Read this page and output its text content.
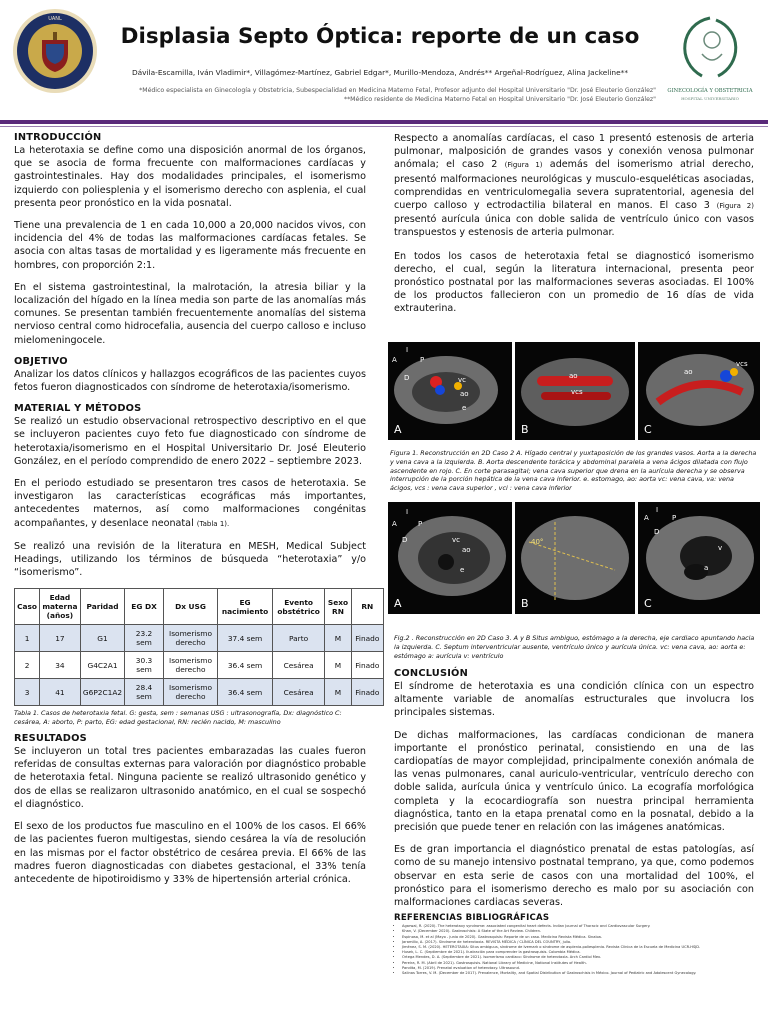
UANL
Displasia Septo Óptica: reporte de un caso
Dávila-Escamilla, Iván Vladimir*, Villagómez-Martínez, Gabriel Edgar*, Murillo-Mendoza, Andrés** Argeñal-Rodríguez, Alina Jackeline**
*Médico especialista en Ginecología y Obstetricia, Subespecialidad en Medicina Materno Fetal, Profesor adjunto del Hospital Universitario "Dr. José Eleuterio González"
**Médico residente de Medicina Materno Fetal en Hospital Universitario "Dr. José Eleuterio González"
GINECOLOGÍA Y OBSTETRICIA
HOSPITAL UNIVERSITARIO
INTRODUCCIÓN

La heterotaxia se define como una disposición anormal de los órganos, que se asocia de forma frecuente con malformaciones cardíacas y gastrointestinales. Hay dos modalidades principales, el isomerismo izquierdo con poliesplenia y el isomerismo derecho con asplenia, el cual presenta peor pronóstico en la vida posnatal.

Tiene una prevalencia de 1 en cada 10,000 a 20,000 nacidos vivos, con incidencia del 4% de todas las malformaciones cardíacas fetales. Se asocia con altas tasas de mortalidad y es ligeramente más frecuente en hombres, con proporción 2:1.

En el sistema gastrointestinal, la malrotación, la atresia biliar y la localización del hígado en la línea media son parte de las anomalías más comunes. Se presentan también frecuentemente anomalías del sistema nervioso central como hidrocefalia, ausencia del cuerpo calloso e incluso mielomeningocele.

OBJETIVO

Analizar los datos clínicos y hallazgos ecográficos de las pacientes cuyos fetos fueron diagnosticados con síndrome de heterotaxia/isomerismo.

MATERIAL Y MÉTODOS

Se realizó un estudio observacional retrospectivo descriptivo en el que se incluyeron pacientes cuyo feto fue diagnosticado con síndrome de heterotaxia/isomerismo en el Hospital Universitario Dr. José Eleuterio González, en el período comprendido de enero 2022 – septiembre 2023.

En el periodo estudiado se presentaron tres casos de heterotaxia. Se investigaron las características ecográficas más importantes, antecedentes maternos, así como malformaciones congénitas acompañantes, y desenlace neonatal (Tabla 1).

Se realizó una revisión de la literatura en MESH, Medical Subject Headings, utilizando los términos de búsqueda “heterotaxia” y/o “isomerismo”.

Caso	Edad materna (años)	Paridad	EG DX	Dx USG	EG nacimiento	Evento obstétrico	Sexo RN	RN
1	17	G1	23.2 sem	Isomerismo derecho	37.4 sem	Parto	M	Finado
2	34	G4C2A1	30.3 sem	Isomerismo derecho	36.4 sem	Cesárea	M	Finado
3	41	G6P2C1A2	28.4 sem	Isomerismo derecho	36.4 sem	Cesárea	M	Finado

Tabla 1. Casos de heterotaxia fetal. G: gesta, sem : semanas USG : ultrasonografía, Dx: diagnóstico C: cesárea, A: aborto, P: parto, EG: edad gestacional, RN: recién nacido, M: masculino

RESULTADOS

Se incluyeron un total tres pacientes embarazadas las cuales fueron referidas de consultas externas para valoración por diagnóstico probable de heterotaxia fetal. Ninguna paciente se realizó ultrasonido genético y dos de ellas se realizaron ultrasonido anatómico, en el cual se sospechó el diagnóstico.

El sexo de los productos fue masculino en el 100% de los casos. El 66% de las pacientes fueron multigestas, siendo cesárea la vía de resolución en las mismas por el factor obstétrico de cesárea previa. El 66% de las madres fueron diagnosticadas con diabetes gestacional, el 33% tenía antecedente de hipotiroidismo y 33% de hipertensión arterial crónica.

Respecto a anomalías cardíacas, el caso 1 presentó estenosis de arteria pulmonar, malposición de grandes vasos y conexión venosa pulmonar anómala; el caso 2 (Figura 1) además del isomerismo atrial derecho, presentó malformaciones neurológicas y musculo-esqueléticas asociadas, comprendidas en ventriculomegalia severa supratentorial, agenesia del cuerpo calloso y ectrodactilia bilateral en manos. El caso 3 (Figura 2) presentó aurícula única con doble salida de ventrículo único con vasos transpuestos y estenosis de arteria pulmonar.

En todos los casos de heterotaxia fetal se diagnosticó isomerismo derecho, el cual, según la literatura internacional, presenta peor pronóstico postnatal por las malformaciones severas asociadas. El 100% de los productos fallecieron con un promedio de 16 días de vida extrauterina.

I
A	P
D	vc
ao
e
A
ao
vcs
B
ao
vcs
C

Figura 1. Reconstrucción en 2D Caso 2 A. Hígado central y yuxtaposición de los grandes vasos. Aorta a la derecha y vena cava a la izquierda. B. Aorta descendente torácica y abdominal paralela a vena ácigos dilatada con flujo ascendente en rojo. C. En corte parasagital; vena cava superior que drena en la aurícula derecha y se observa interrupción de la porción hepática de la vena cava inferior. e. estomago, ao: aorta vc: vena cava, va: vena ácigos, vcs : vena cava superior , vci : vena cava inferior

I
P
A
D	vc
ao
e
A
40°
B
I
A	P
D
v
a
C

Fig.2 . Reconstrucción en 2D Caso 3. A y B Situs ambiguo, estómago a la derecha, eje cardiaco apuntando hacia la izquierda. C. Septum interventricular ausente, ventrículo único y aurícula única. vc: vena cava, ao: aorta e: estómago a: aurícula v: ventrículo

CONCLUSIÓN

El síndrome de heterotaxia es una condición clínica con un espectro altamente variable de anomalías estructurales que involucra los principales sistemas.

De dichas malformaciones, las cardíacas condicionan de manera importante el pronóstico perinatal, consistiendo en una de las cardiopatías de mayor complejidad, principalmente conexión anómala de las venas pulmonares, canal auriculo-ventricular, ventrículo derecho con doble salida, aurícula única y ventrículo único. La ecografía morfológica completa y la ecocardiografía son nuestra principal herramienta diagnóstica, tanto en la etapa prenatal como en la posnatal, debido a la precisión que puede tener en relación con las imágenes anatómicas.

Es de gran importancia el diagnóstico prenatal de estas patologías, así como de su manejo intensivo postnatal temprano, ya que, como podemos observar en esta serie de casos con una mortalidad del 100%, el pronóstico para el isomerismo derecho es malo por su asociación con malformaciones cardiacas severas.

REFERENCIAS BIBLIOGRÁFICAS
• Agarwal, R. (2020). The heterotaxy syndrome: associated congenital heart defects. Indian Journal of Thoracic and Cardiovascular Surgery.
• Khan, V. (December 2020). Gastroschisis: A State of the Art Review. Children.
• Espinosa, M. et al (Mayo - junio de 2020). Gastrosquisis: Reporte de un caso. Medicina Revista Médica. Sinaloa.
• Jaramillo, A. (2017). Síndrome de heterotaxia. REVISTA MÉDICA / CLÍNICA DEL COUNTRY, julio.
• Jiménez, S. M. (2020). HETEROTAXIA: Situs ambiguus, síndrome de Ivemark o síndrome de asplenia-poliesplenia. Revista Clínica de la Escuela de Medicina UCR-HSJD.
• Husek, L. C. (Septiembre de 2021). Ilustración para comprender la gastrosquisis. Colombia Médica.
• Ortega Mendes, D. A. (Septiembre de 2021). Isomerísmo cardíaco: Síndrome de heterotaxia. Arch Cardiol Mex.
• Pereira, R. M. (Abril de 2021). Gastrosquisis. National Library of Medicine, National Institutes of Health.
• Pandita, M. (2019). Prenatal evaluation of heterotaxy. Ultrasound.
• Salinas Torres, V. M. (December de 2017). Prevalence, Mortality, and Spatial Distribution of Gastroschisis in México. Journal of Pediatric and Adolescent Gynecology.
